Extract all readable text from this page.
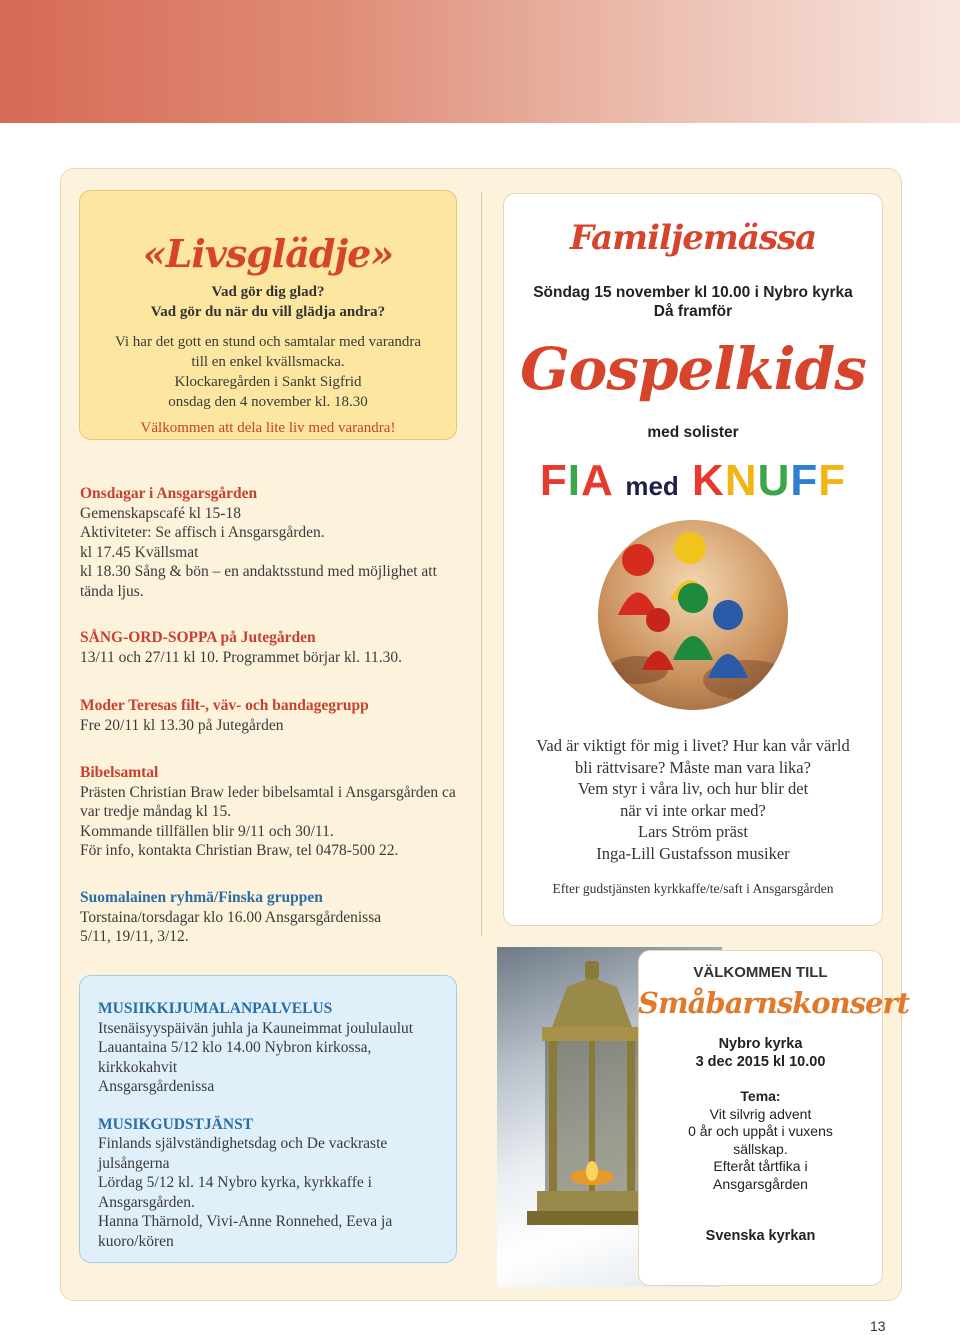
«Livsglädje»
Vad gör dig glad?
Vad gör du när du vill glädja andra?
Vi har det gott en stund och samtalar med varandra
till en enkel kvällsmacka.
Klockaregården i Sankt Sigfrid
onsdag den 4 november kl. 18.30
Välkommen att dela lite liv med varandra!
Onsdagar i Ansgarsgården
Gemenskapscafé kl 15-18
Aktiviteter: Se affisch i Ansgarsgården.
kl 17.45 Kvällsmat
kl 18.30 Sång & bön – en andaktsstund med möjlighet att
tända ljus.
SÅNG-ORD-SOPPA på Jutegården
13/11 och 27/11 kl 10. Programmet börjar kl. 11.30.
Moder Teresas filt-, väv- och bandagegrupp
Fre 20/11 kl 13.30 på Jutegården
Bibelsamtal
Prästen Christian Braw leder bibelsamtal i Ansgarsgården ca
var tredje måndag kl 15.
Kommande tillfällen blir 9/11 och 30/11.
För info, kontakta Christian Braw, tel 0478-500 22.
Suomalainen ryhmä/Finska gruppen
Torstaina/torsdagar klo 16.00 Ansgarsgårdenissa
5/11, 19/11, 3/12.
MUSIIKKIJUMALANPALVELUS
Itsenäisyyspäivän juhla ja Kauneimmat joululaulut
Lauantaina 5/12 klo 14.00 Nybron kirkossa,
kirkkokahvit
Ansgarsgårdenissa
MUSIKGUDSTJÄNST
Finlands självständighetsdag och De vackraste
julsångerna
Lördag 5/12 kl. 14 Nybro kyrka, kyrkkaffe i
Ansgarsgården.
Hanna Thärnold, Vivi-Anne Ronnehed, Eeva ja
kuoro/kören
Familjemässa
Söndag 15 november kl 10.00 i Nybro kyrka
Då framför
Gospelkids
med solister
FIA med KNUFF
Vad är viktigt för mig i livet? Hur kan vår värld
bli rättvisare? Måste man vara lika?
Vem styr i våra liv, och hur blir det
när vi inte orkar med?
Lars Ström präst
Inga-Lill Gustafsson musiker
Efter gudstjänsten kyrkkaffe/te/saft i Ansgarsgården
VÄLKOMMEN TILL
Småbarnskonsert
Nybro kyrka
3 dec 2015 kl 10.00
Tema:
Vit silvrig advent
0 år och uppåt i vuxens
sällskap.
Efteråt tårtfika i
Ansgarsgården
Svenska kyrkan
13
